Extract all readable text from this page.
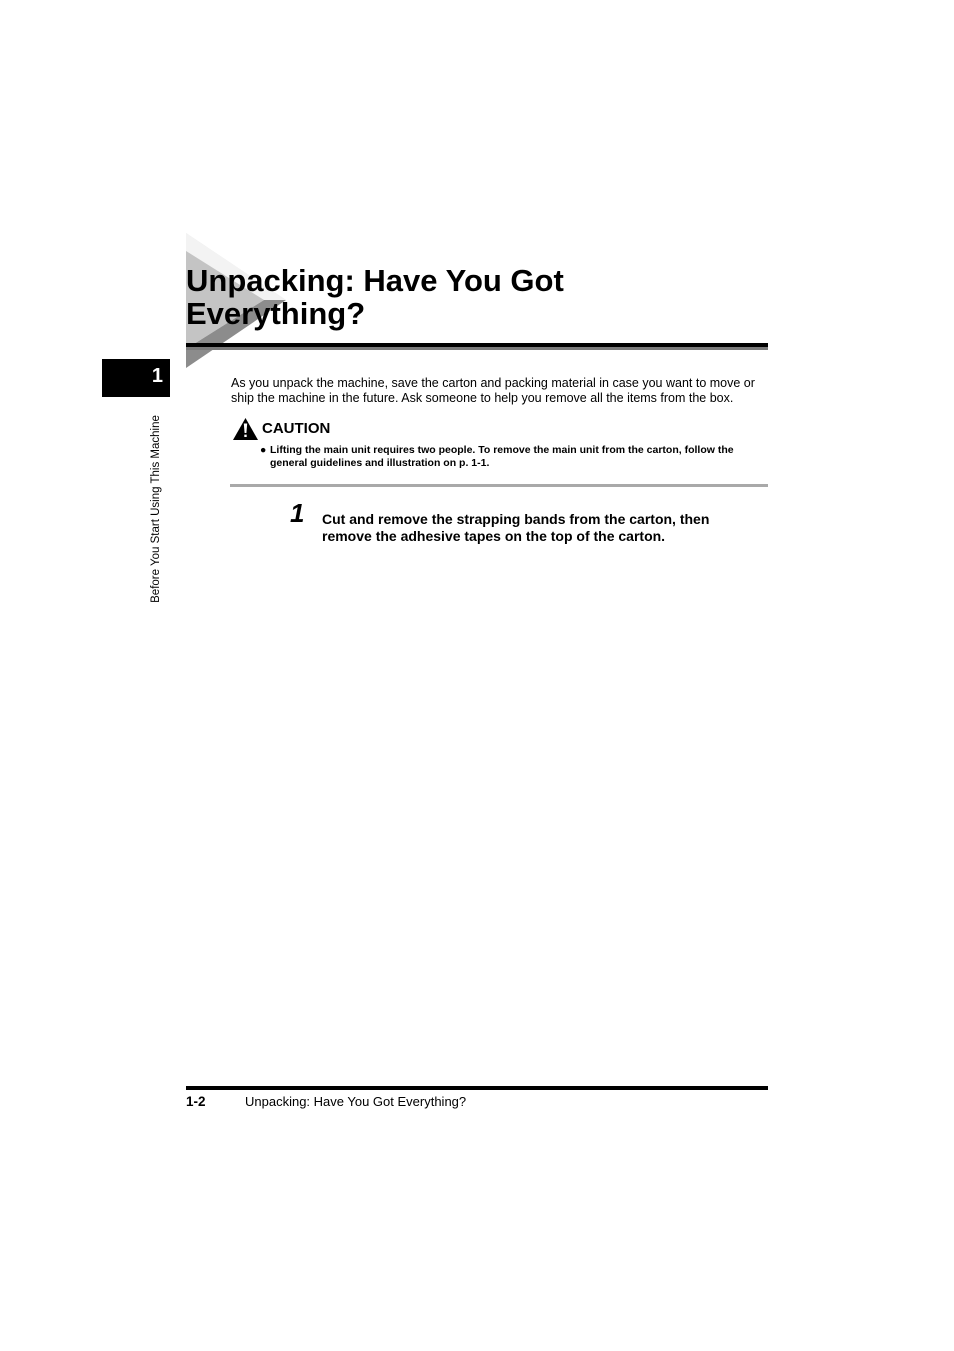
Unpacking: Have You Got Everything?
1
Before You Start Using This Machine

As you unpack the machine, save the carton and packing material in case you want to move or ship the machine in the future. Ask someone to help you remove all the items from the box.

CAUTION
● Lifting the main unit requires two people. To remove the main unit from the carton, follow the general guidelines and illustration on p. 1-1.
1 Cut and remove the strapping bands from the carton, then remove the adhesive tapes on the top of the carton.

1-2	Unpacking: Have You Got Everything?
